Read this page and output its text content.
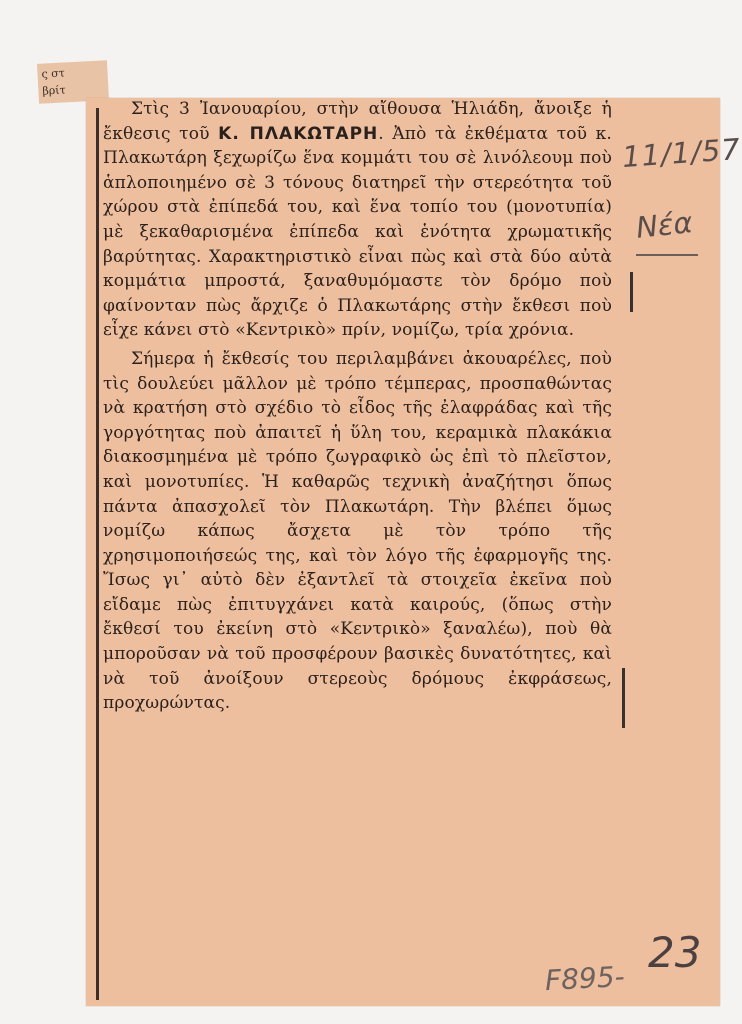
ς στ
βρίτ

Στὶς 3 Ἰανουαρίου, στὴν αἴθουσα Ἡλιάδη, ἄνοιξε ἡ ἔκθεσις τοῦ Κ. ΠΛΑΚΩΤΑΡΗ. Ἀπὸ τὰ ἐκθέματα τοῦ κ. Πλακωτάρη ξεχωρίζω ἕνα κομμάτι του σὲ λινόλεουμ ποὺ ἁπλοποιημένο σὲ 3 τόνους διατηρεῖ τὴν στερεότητα τοῦ χώρου στὰ ἐπίπεδά του, καὶ ἕνα τοπίο του (μονοτυπία) μὲ ξεκαθαρισμένα ἐπίπεδα καὶ ἑνότητα χρωματικῆς βαρύτητας. Χαρακτηριστικὸ εἶναι πὼς καὶ στὰ δύο αὐτὰ κομμάτια μπροστά, ξαναθυμόμαστε τὸν δρόμο ποὺ φαίνονταν πὼς ἄρχιζε ὁ Πλακωτάρης στὴν ἔκθεσι ποὺ εἶχε κάνει στὸ «Κεντρικὸ» πρίν, νομίζω, τρία χρόνια.

Σήμερα ἡ ἔκθεσίς του περιλαμβάνει ἀκουαρέλες, ποὺ τὶς δουλεύει μᾶλλον μὲ τρόπο τέμπερας, προσπαθώντας νὰ κρατήση στὸ σχέδιο τὸ εἶδος τῆς ἐλαφράδας καὶ τῆς γοργότητας ποὺ ἀπαιτεῖ ἡ ὕλη του, κεραμικὰ πλακάκια διακοσμημένα μὲ τρόπο ζωγραφικὸ ὡς ἐπὶ τὸ πλεῖστον, καὶ μονοτυπίες. Ἡ καθαρῶς τεχνικὴ ἀναζήτησι ὅπως πάντα ἀπασχολεῖ τὸν Πλακωτάρη. Τὴν βλέπει ὅμως νομίζω κάπως ἄσχετα μὲ τὸν τρόπο τῆς χρησιμοποιήσεώς της, καὶ τὸν λόγο τῆς ἐφαρμογῆς της. Ἴσως γι᾿ αὐτὸ δὲν ἐξαντλεῖ τὰ στοιχεῖα ἐκεῖνα ποὺ εἴδαμε πὼς ἐπιτυγχάνει κατὰ καιρούς, (ὅπως στὴν ἔκθεσί του ἐκείνη στὸ «Κεντρικὸ» ξαναλέω), ποὺ θὰ μποροῦσαν νὰ τοῦ προσφέρουν βασικὲς δυνατότητες, καὶ νὰ τοῦ ἀνοίξουν στερεοὺς δρόμους ἐκφράσεως, προχωρώντας.

11/1/57
Νέα
F895-
23
